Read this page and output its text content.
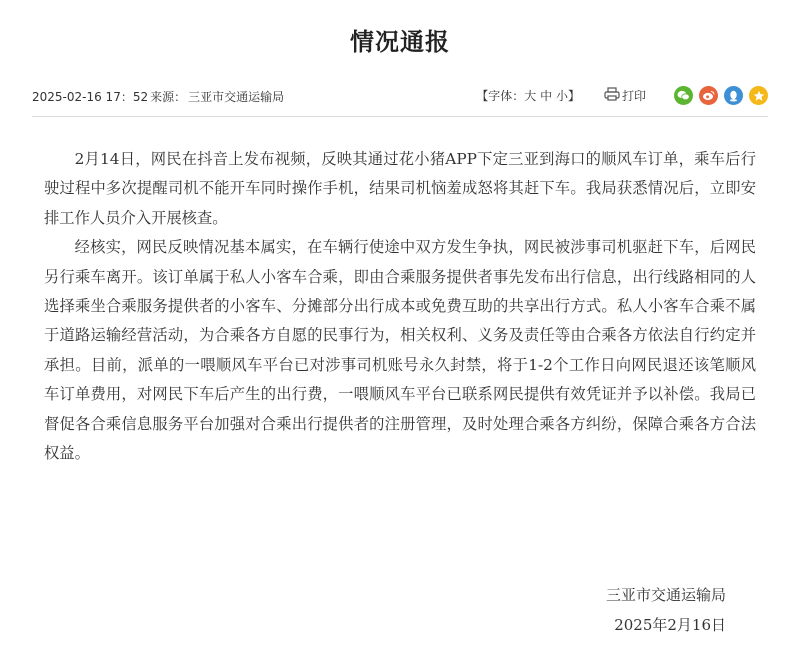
情况通报
2025-02-16 17：52 来源： 三亚市交通运输局	【字体：大 中 小】	打印

2月14日，网民在抖音上发布视频，反映其通过花小猪APP下定三亚到海口的顺风车订单，乘车后行驶过程中多次提醒司机不能开车同时操作手机，结果司机恼羞成怒将其赶下车。我局获悉情况后，立即安排工作人员介入开展核查。

经核实，网民反映情况基本属实，在车辆行使途中双方发生争执，网民被涉事司机驱赶下车，后网民另行乘车离开。该订单属于私人小客车合乘，即由合乘服务提供者事先发布出行信息，出行线路相同的人选择乘坐合乘服务提供者的小客车、分摊部分出行成本或免费互助的共享出行方式。私人小客车合乘不属于道路运输经营活动，为合乘各方自愿的民事行为，相关权利、义务及责任等由合乘各方依法自行约定并承担。目前，派单的一喂顺风车平台已对涉事司机账号永久封禁，将于1-2个工作日向网民退还该笔顺风车订单费用，对网民下车后产生的出行费，一喂顺风车平台已联系网民提供有效凭证并予以补偿。我局已督促各合乘信息服务平台加强对合乘出行提供者的注册管理，及时处理合乘各方纠纷，保障合乘各方合法权益。

三亚市交通运输局
2025年2月16日
